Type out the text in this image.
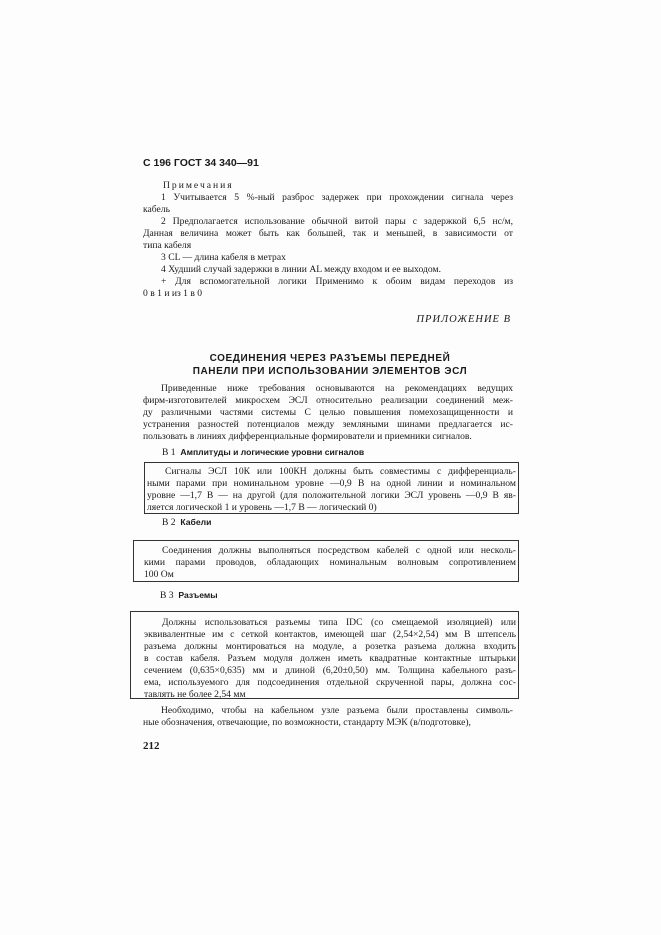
С 196 ГОСТ 34 340—91
Примечания
1 Учитывается 5 %-ный разброс задержек при прохождении сигнала через
кабель
2 Предполагается использование обычной витой пары с задержкой 6,5 нс/м,
Данная величина может быть как большей, так и меньшей, в зависимости от
типа кабеля
3 CL — длина кабеля в метрах
4 Худший случай задержки в линии AL между входом и ее выходом.
+ Для вспомогательной логики Применимо к обоим видам переходов из
0 в 1 и из 1 в 0
ПРИЛОЖЕНИЕ В
СОЕДИНЕНИЯ ЧЕРЕЗ РАЗЪЕМЫ ПЕРЕДНЕЙ
ПАНЕЛИ ПРИ ИСПОЛЬЗОВАНИИ ЭЛЕМЕНТОВ ЭСЛ
Приведенные ниже требования основываются на рекомендациях ведущих
фирм-изготовителей микросхем ЭСЛ относительно реализации соединений меж-
ду различными частями системы С целью повышения помехозащищенности и
устранения разностей потенциалов между земляными шинами предлагается ис-
пользовать в линиях дифференциальные формирователи и приемники сигналов.
В 1 Амплитуды и логические уровни сигналов
Сигналы ЭСЛ 10К или 100КН должны быть совместимы с дифференциаль-
ными парами при номинальном уровне —0,9 В на одной линии и номинальном
уровне —1,7 В — на другой (для положительной логики ЭСЛ уровень —0,9 В яв-
ляется логической 1 и уровень —1,7 В — логический 0)
В 2 Кабели
Соединения должны выполняться посредством кабелей с одной или несколь-
кими парами проводов, обладающих номинальным волновым сопротивлением
100 Ом
В 3 Разъемы
Должны использоваться разъемы типа IDC (со смещаемой изоляцией) или
эквивалентные им с сеткой контактов, имеющей шаг (2,54×2,54) мм В штепсель
разъема должны монтироваться на модуле, а розетка разъема должна входить
в состав кабеля. Разъем модуля должен иметь квадратные контактные штырьки
сечением (0,635×0,635) мм и длиной (6,20±0,50) мм. Толщина кабельного разъ-
ема, используемого для подсоединения отдельной скрученной пары, должна сос-
тавлять не более 2,54 мм
Необходимо, чтобы на кабельном узле разъема были проставлены символь-
ные обозначения, отвечающие, по возможности, стандарту МЭК (в/подготовке),
212
